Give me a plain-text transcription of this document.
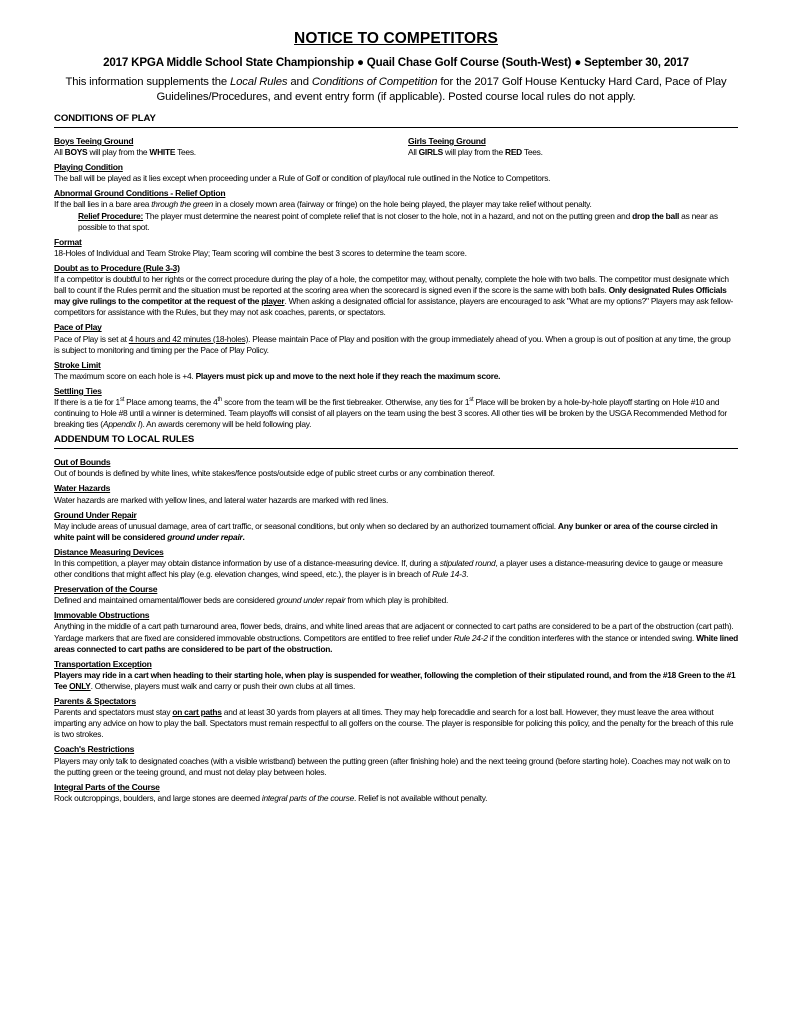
NOTICE TO COMPETITORS
2017 KPGA Middle School State Championship ● Quail Chase Golf Course (South-West) ● September 30, 2017
This information supplements the Local Rules and Conditions of Competition for the 2017 Golf House Kentucky Hard Card, Pace of Play Guidelines/Procedures, and event entry form (if applicable). Posted course local rules do not apply.
CONDITIONS OF PLAY
Boys Teeing Ground
All BOYS will play from the WHITE Tees.
Girls Teeing Ground
All GIRLS will play from the RED Tees.
Playing Condition
The ball will be played as it lies except when proceeding under a Rule of Golf or condition of play/local rule outlined in the Notice to Competitors.
Abnormal Ground Conditions - Relief Option
If the ball lies in a bare area through the green in a closely mown area (fairway or fringe) on the hole being played, the player may take relief without penalty.
Relief Procedure: The player must determine the nearest point of complete relief that is not closer to the hole, not in a hazard, and not on the putting green and drop the ball as near as possible to that spot.
Format
18-Holes of Individual and Team Stroke Play; Team scoring will combine the best 3 scores to determine the team score.
Doubt as to Procedure (Rule 3-3)
If a competitor is doubtful to her rights or the correct procedure during the play of a hole, the competitor may, without penalty, complete the hole with two balls. The competitor must designate which ball to count if the Rules permit and the situation must be reported at the scoring area when the scorecard is signed even if the score is the same with both balls. Only designated Rules Officials may give rulings to the competitor at the request of the player. When asking a designated official for assistance, players are encouraged to ask "What are my options?" Players may ask fellow-competitors for assistance with the Rules, but they may not ask coaches, parents, or spectators.
Pace of Play
Pace of Play is set at 4 hours and 42 minutes (18-holes). Please maintain Pace of Play and position with the group immediately ahead of you. When a group is out of position at any time, the group is subject to monitoring and timing per the Pace of Play Policy.
Stroke Limit
The maximum score on each hole is +4. Players must pick up and move to the next hole if they reach the maximum score.
Settling Ties
If there is a tie for 1st Place among teams, the 4th score from the team will be the first tiebreaker. Otherwise, any ties for 1st Place will be broken by a hole-by-hole playoff starting on Hole #10 and continuing to Hole #8 until a winner is determined. Team playoffs will consist of all players on the team using the best 3 scores. All other ties will be broken by the USGA Recommended Method for breaking ties (Appendix I). An awards ceremony will be held following play.
ADDENDUM TO LOCAL RULES
Out of Bounds
Out of bounds is defined by white lines, white stakes/fence posts/outside edge of public street curbs or any combination thereof.
Water Hazards
Water hazards are marked with yellow lines, and lateral water hazards are marked with red lines.
Ground Under Repair
May include areas of unusual damage, area of cart traffic, or seasonal conditions, but only when so declared by an authorized tournament official. Any bunker or area of the course circled in white paint will be considered ground under repair.
Distance Measuring Devices
In this competition, a player may obtain distance information by use of a distance-measuring device. If, during a stipulated round, a player uses a distance-measuring device to gauge or measure other conditions that might affect his play (e.g. elevation changes, wind speed, etc.), the player is in breach of Rule 14-3.
Preservation of the Course
Defined and maintained ornamental/flower beds are considered ground under repair from which play is prohibited.
Immovable Obstructions
Anything in the middle of a cart path turnaround area, flower beds, drains, and white lined areas that are adjacent or connected to cart paths are considered to be a part of the obstruction (cart path). Yardage markers that are fixed are considered immovable obstructions. Competitors are entitled to free relief under Rule 24-2 if the condition interferes with the stance or intended swing. White lined areas connected to cart paths are considered to be part of the obstruction.
Transportation Exception
Players may ride in a cart when heading to their starting hole, when play is suspended for weather, following the completion of their stipulated round, and from the #18 Green to the #1 Tee ONLY. Otherwise, players must walk and carry or push their own clubs at all times.
Parents & Spectators
Parents and spectators must stay on cart paths and at least 30 yards from players at all times. They may help forecaddie and search for a lost ball. However, they must leave the area without imparting any advice on how to play the ball. Spectators must remain respectful to all golfers on the course. The player is responsible for policing this policy, and the penalty for the breach of this rule is two strokes.
Coach's Restrictions
Players may only talk to designated coaches (with a visible wristband) between the putting green (after finishing hole) and the next teeing ground (before starting hole). Coaches may not walk on to the putting green or the teeing ground, and must not delay play between holes.
Integral Parts of the Course
Rock outcroppings, boulders, and large stones are deemed integral parts of the course. Relief is not available without penalty.
